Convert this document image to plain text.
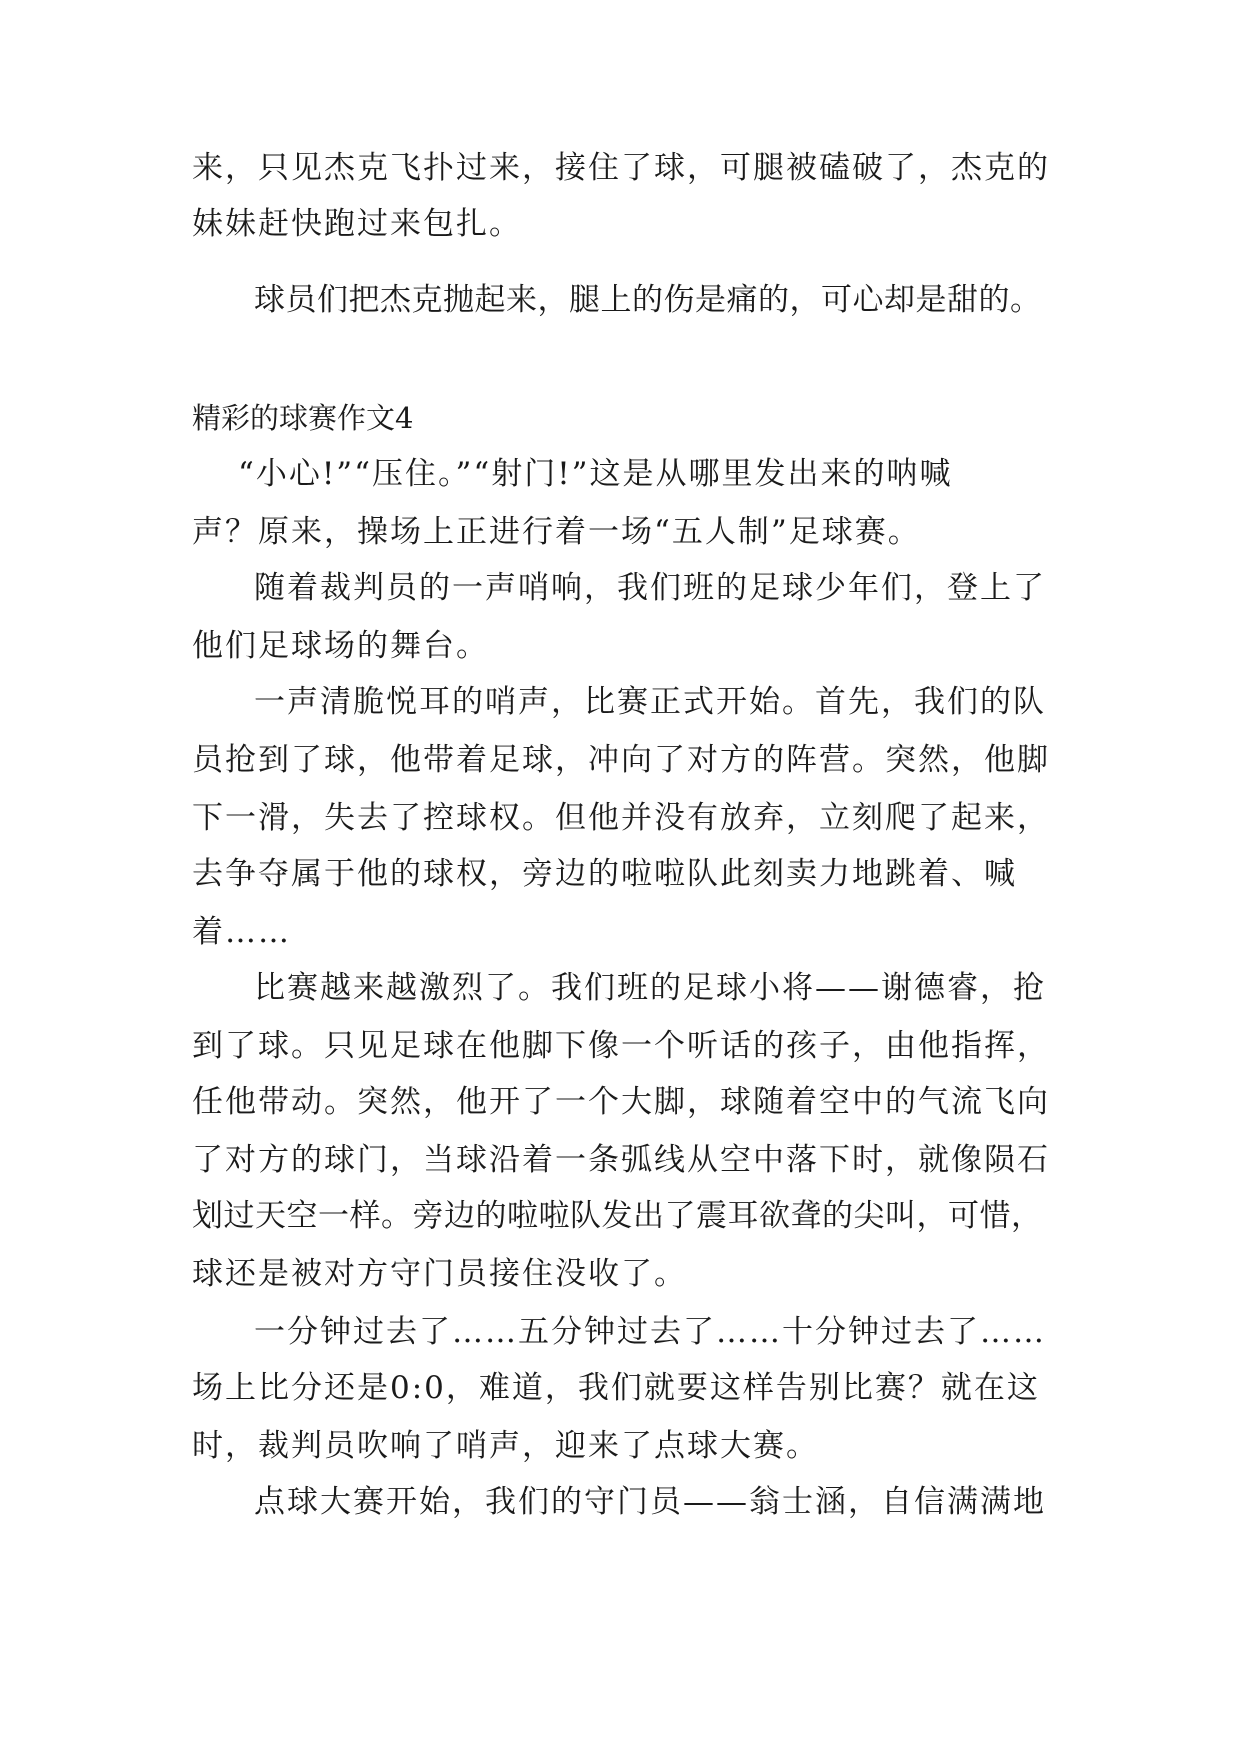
来，只见杰克飞扑过来，接住了球，可腿被磕破了，杰克的
妹妹赶快跑过来包扎。
球员们把杰克抛起来，腿上的伤是痛的，可心却是甜的。
精彩的球赛作文4
“小心!”“压住。”“射门!”这是从哪里发出来的呐喊
声？原来，操场上正进行着一场“五人制”足球赛。
随着裁判员的一声哨响，我们班的足球少年们，登上了
他们足球场的舞台。
一声清脆悦耳的哨声，比赛正式开始。首先，我们的队
员抢到了球，他带着足球，冲向了对方的阵营。突然，他脚
下一滑，失去了控球权。但他并没有放弃，立刻爬了起来，
去争夺属于他的球权，旁边的啦啦队此刻卖力地跳着、喊
着……
比赛越来越激烈了。我们班的足球小将——谢德睿，抢
到了球。只见足球在他脚下像一个听话的孩子，由他指挥，
任他带动。突然，他开了一个大脚，球随着空中的气流飞向
了对方的球门，当球沿着一条弧线从空中落下时，就像陨石
划过天空一样。旁边的啦啦队发出了震耳欲聋的尖叫，可惜，
球还是被对方守门员接住没收了。
一分钟过去了……五分钟过去了……十分钟过去了……
场上比分还是0:0，难道，我们就要这样告别比赛？就在这
时，裁判员吹响了哨声，迎来了点球大赛。
点球大赛开始，我们的守门员——翁士涵，自信满满地
